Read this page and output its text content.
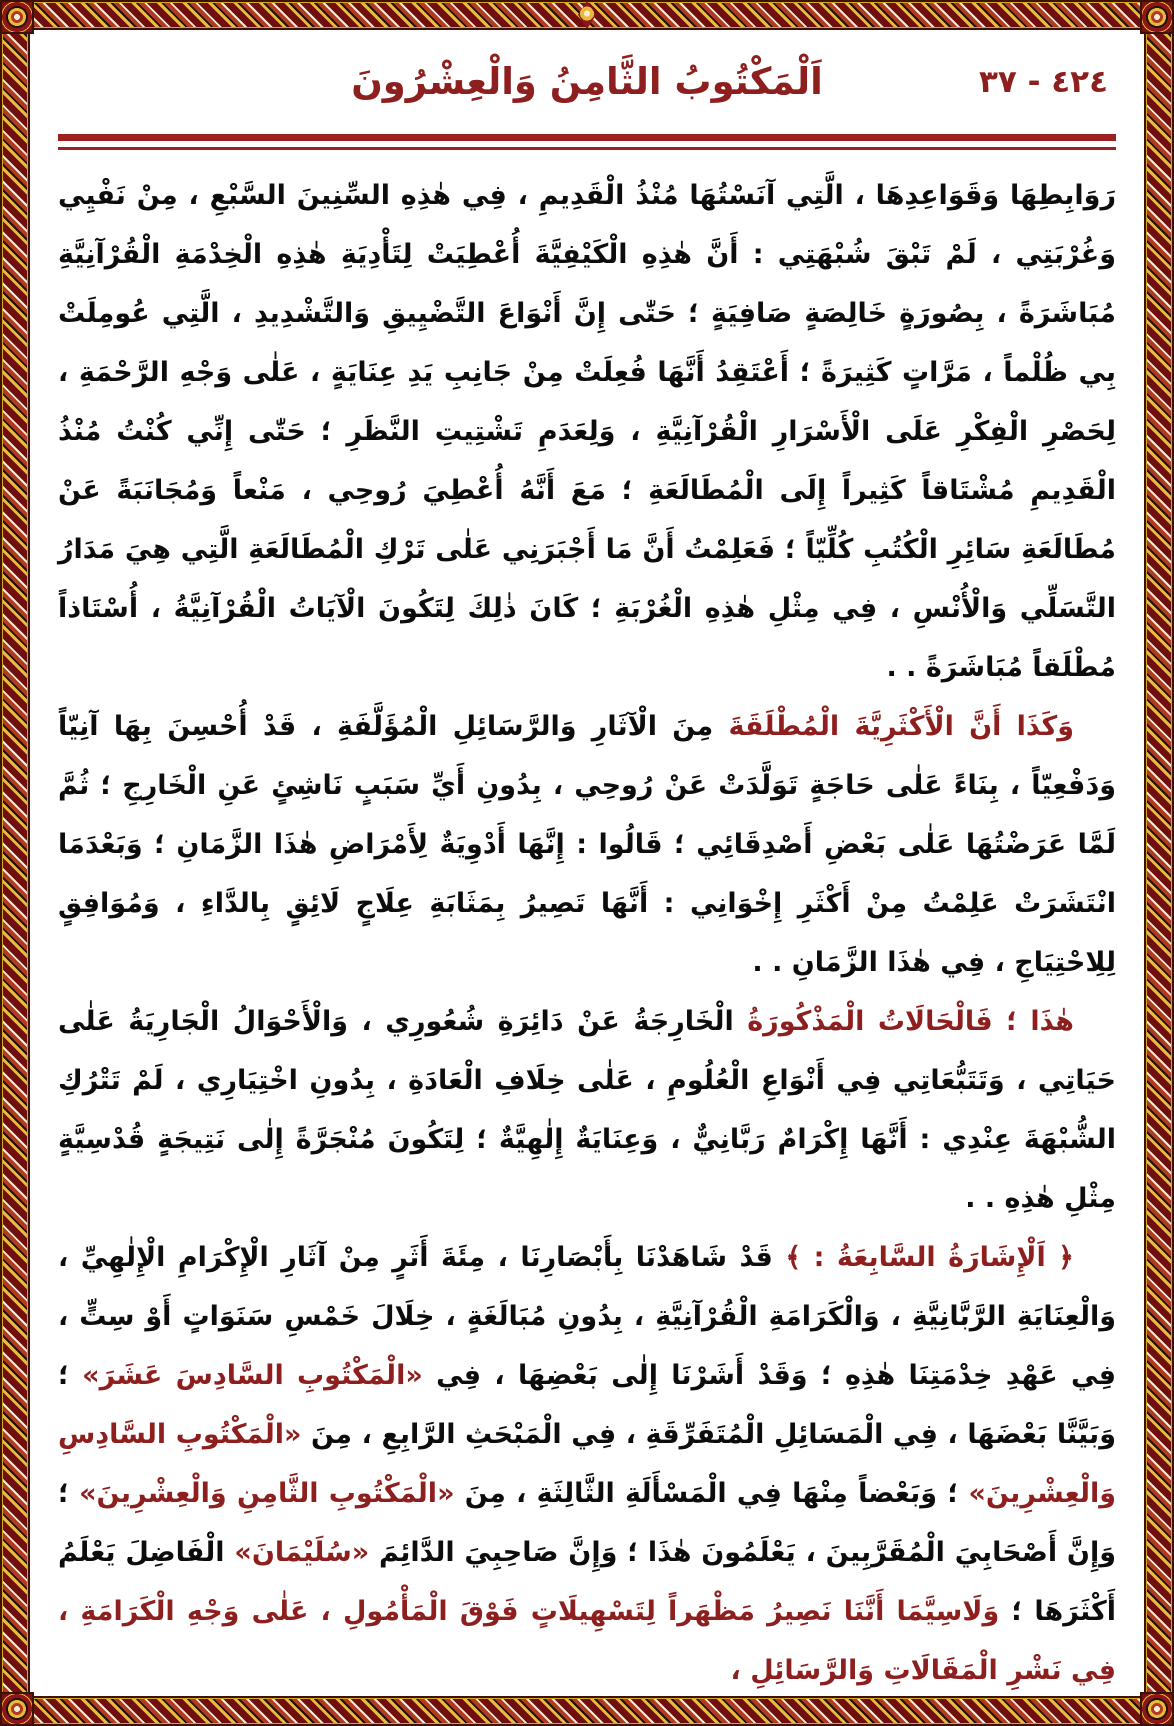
اَلْمَكْتُوبُ الثَّامِنُ وَالْعِشْرُونَ	٤٢٤ - ٣٧

رَوَابِطِهَا وَقَوَاعِدِهَا ، الَّتِي آنَسْتُهَا مُنْذُ الْقَدِيمِ ، فِي هٰذِهِ السِّنِينَ السَّبْعِ ، مِنْ نَفْيِي وَغُرْبَتِي ، لَمْ تَبْقَ شُبْهَتِي : أَنَّ هٰذِهِ الْكَيْفِيَّةَ أُعْطِيَتْ لِتَأْدِيَةِ هٰذِهِ الْخِدْمَةِ الْقُرْآنِيَّةِ مُبَاشَرَةً ، بِصُورَةٍ خَالِصَةٍ صَافِيَةٍ ؛ حَتّٰى إِنَّ أَنْوَاعَ التَّضْيِيقِ وَالتَّشْدِيدِ ، الَّتِي عُومِلَتْ بِي ظُلْماً ، مَرَّاتٍ كَثِيرَةً ؛ أَعْتَقِدُ أَنَّهَا فُعِلَتْ مِنْ جَانِبِ يَدِ عِنَايَةٍ ، عَلٰى وَجْهِ الرَّحْمَةِ ، لِحَصْرِ الْفِكْرِ عَلَى الْأَسْرَارِ الْقُرْآنِيَّةِ ، وَلِعَدَمِ تَشْتِيتِ النَّظَرِ ؛ حَتّٰى إِنِّي كُنْتُ مُنْذُ الْقَدِيمِ مُشْتَاقاً كَثِيراً إِلَى الْمُطَالَعَةِ ؛ مَعَ أَنَّهُ أُعْطِيَ رُوحِي ، مَنْعاً وَمُجَانَبَةً عَنْ مُطَالَعَةِ سَائِرِ الْكُتُبِ كُلِّيّاً ؛ فَعَلِمْتُ أَنَّ مَا أَجْبَرَنِي عَلٰى تَرْكِ الْمُطَالَعَةِ الَّتِي هِيَ مَدَارُ التَّسَلِّي وَالْأُنْسِ ، فِي مِثْلِ هٰذِهِ الْغُرْبَةِ ؛ كَانَ ذٰلِكَ لِتَكُونَ الْآيَاتُ الْقُرْآنِيَّةُ ، أُسْتَاذاً مُطْلَقاً مُبَاشَرَةً . .

وَكَذَا أَنَّ الْأَكْثَرِيَّةَ الْمُطْلَقَةَ مِنَ الْآثَارِ وَالرَّسَائِلِ الْمُؤَلَّفَةِ ، قَدْ أُحْسِنَ بِهَا آنِيّاً وَدَفْعِيّاً ، بِنَاءً عَلٰى حَاجَةٍ تَوَلَّدَتْ عَنْ رُوحِي ، بِدُونِ أَيِّ سَبَبٍ نَاشِئٍ عَنِ الْخَارِجِ ؛ ثُمَّ لَمَّا عَرَضْتُهَا عَلٰى بَعْضِ أَصْدِقَائِي ؛ قَالُوا : إِنَّهَا أَدْوِيَةٌ لِأَمْرَاضِ هٰذَا الزَّمَانِ ؛ وَبَعْدَمَا انْتَشَرَتْ عَلِمْتُ مِنْ أَكْثَرِ إِخْوَانِي : أَنَّهَا تَصِيرُ بِمَثَابَةِ عِلَاجٍ لَائِقٍ بِالدَّاءِ ، وَمُوَافِقٍ لِلِاحْتِيَاجِ ، فِي هٰذَا الزَّمَانِ . .

هٰذَا ؛ فَالْحَالَاتُ الْمَذْكُورَةُ الْخَارِجَةُ عَنْ دَائِرَةِ شُعُورِي ، وَالْأَحْوَالُ الْجَارِيَةُ عَلٰى حَيَاتِي ، وَتَتَبُّعَاتِي فِي أَنْوَاعِ الْعُلُومِ ، عَلٰى خِلَافِ الْعَادَةِ ، بِدُونِ اخْتِيَارِي ، لَمْ تَتْرُكِ الشُّبْهَةَ عِنْدِي : أَنَّهَا إِكْرَامٌ رَبَّانِيٌّ ، وَعِنَايَةٌ إِلٰهِيَّةٌ ؛ لِتَكُونَ مُنْجَرَّةً إِلٰى نَتِيجَةٍ قُدْسِيَّةٍ مِثْلِ هٰذِهِ . .

﴿ اَلْإِشَارَةُ السَّابِعَةُ : ﴾ قَدْ شَاهَدْنَا بِأَبْصَارِنَا ، مِئَةَ أَثَرٍ مِنْ آثَارِ الْإِكْرَامِ الْإِلٰهِيِّ ، وَالْعِنَايَةِ الرَّبَّانِيَّةِ ، وَالْكَرَامَةِ الْقُرْآنِيَّةِ ، بِدُونِ مُبَالَغَةٍ ، خِلَالَ خَمْسِ سَنَوَاتٍ أَوْ سِتٍّ ، فِي عَهْدِ خِدْمَتِنَا هٰذِهِ ؛ وَقَدْ أَشَرْنَا إِلٰى بَعْضِهَا ، فِي «الْمَكْتُوبِ السَّادِسَ عَشَرَ» ؛ وَبَيَّنَّا بَعْضَهَا ، فِي الْمَسَائِلِ الْمُتَفَرِّقَةِ ، فِي الْمَبْحَثِ الرَّابِعِ ، مِنَ «الْمَكْتُوبِ السَّادِسِ وَالْعِشْرِينَ» ؛ وَبَعْضاً مِنْهَا فِي الْمَسْأَلَةِ الثَّالِثَةِ ، مِنَ «الْمَكْتُوبِ الثَّامِنِ وَالْعِشْرِينَ» ؛ وَإِنَّ أَصْحَابِيَ الْمُقَرَّبِينَ ، يَعْلَمُونَ هٰذَا ؛ وَإِنَّ صَاحِبِيَ الدَّائِمَ «سُلَيْمَانَ» الْفَاضِلَ يَعْلَمُ أَكْثَرَهَا ؛ وَلَاسِيَّمَا أَنَّنَا نَصِيرُ مَظْهَراً لِتَسْهِيلَاتٍ فَوْقَ الْمَأْمُولِ ، عَلٰى وَجْهِ الْكَرَامَةِ ، فِي نَشْرِ الْمَقَالَاتِ وَالرَّسَائِلِ ،
